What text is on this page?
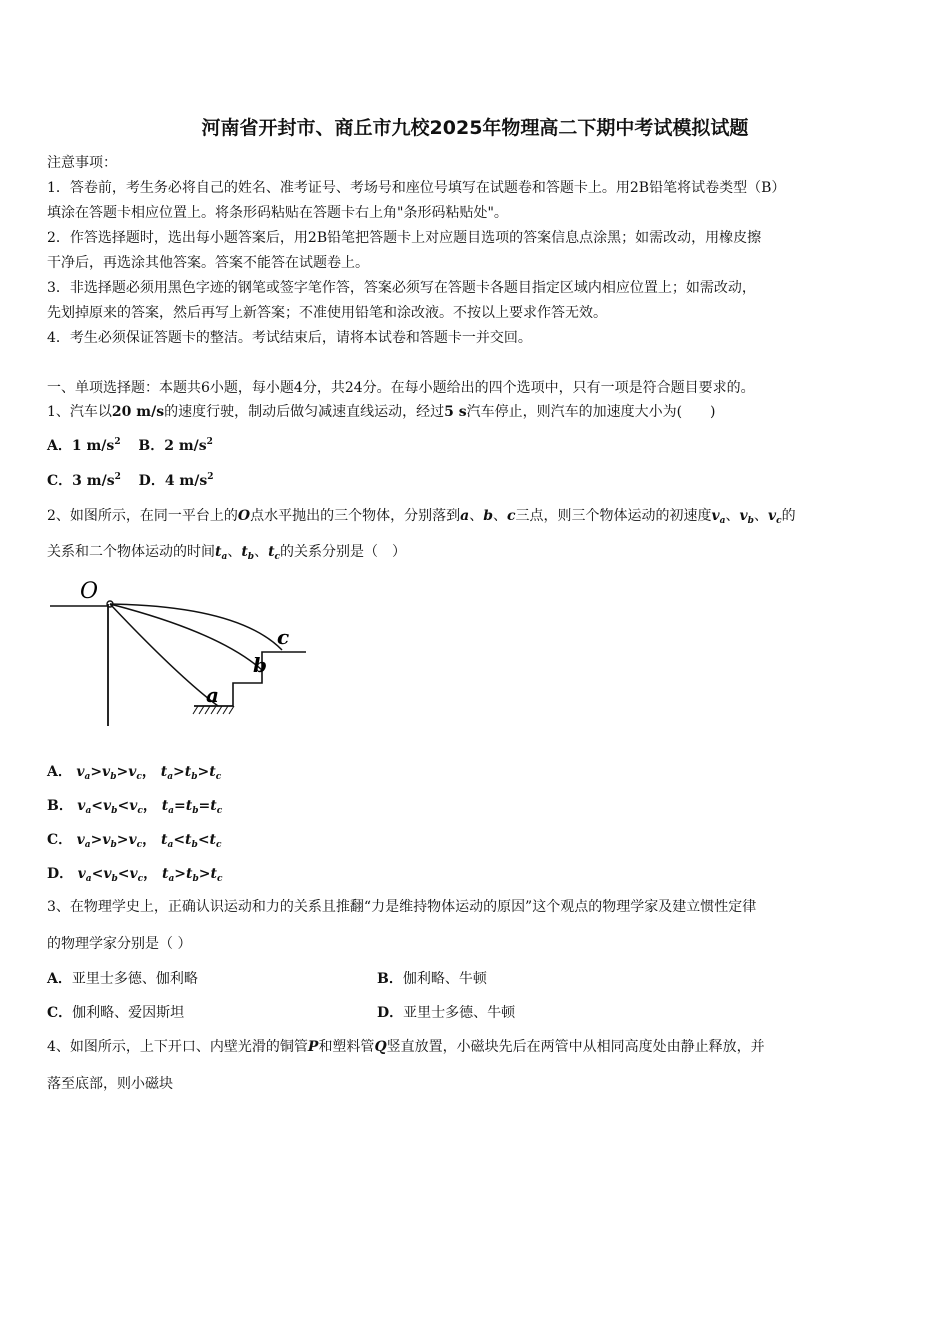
河南省开封市、商丘市九校2025年物理高二下期中考试模拟试题
注意事项：
1．答卷前，考生务必将自己的姓名、准考证号、考场号和座位号填写在试题卷和答题卡上。用2B铅笔将试卷类型（B）
填涂在答题卡相应位置上。将条形码粘贴在答题卡右上角"条形码粘贴处"。
2．作答选择题时，选出每小题答案后，用2B铅笔把答题卡上对应题目选项的答案信息点涂黑；如需改动，用橡皮擦
干净后，再选涂其他答案。答案不能答在试题卷上。
3．非选择题必须用黑色字迹的钢笔或签字笔作答，答案必须写在答题卡各题目指定区域内相应位置上；如需改动，
先划掉原来的答案，然后再写上新答案；不准使用铅笔和涂改液。不按以上要求作答无效。
4．考生必须保证答题卡的整洁。考试结束后，请将本试卷和答题卡一并交回。
一、单项选择题：本题共6小题，每小题4分，共24分。在每小题给出的四个选项中，只有一项是符合题目要求的。
1、汽车以20 m/s的速度行驶，制动后做匀减速直线运动，经过5 s汽车停止，则汽车的加速度大小为(　　)
A．1 $m/s^2$ B．2 $m/s^2$
C．3 $m/s^2$ D．4 $m/s^2$
2、如图所示，在同一平台上的O点水平抛出的三个物体，分别落到a、b、c三点，则三个物体运动的初速度$v_a$、$v_b$、$v_c$的
关系和二个物体运动的时间$t_a$、$t_b$、$t_c$的关系分别是（　）
O
a
b
c
A． $v_a>v_b>v_c$， $t_a>t_b>t_c$
B． $v_a<v_b<v_c$， $t_a=t_b=t_c$
C． $v_a>v_b>v_c$， $t_a<t_b<t_c$
D． $v_a<v_b<v_c$， $t_a>t_b>t_c$
3、在物理学史上，正确认识运动和力的关系且推翻“力是维持物体运动的原因”这个观点的物理学家及建立惯性定律
的物理学家分别是（ ）
A．亚里士多德、伽利略	B．伽利略、牛顿
C．伽利略、爱因斯坦	D．亚里士多德、牛顿
4、如图所示，上下开口、内壁光滑的铜管P和塑料管Q竖直放置，小磁块先后在两管中从相同高度处由静止释放，并
落至底部，则小磁块
